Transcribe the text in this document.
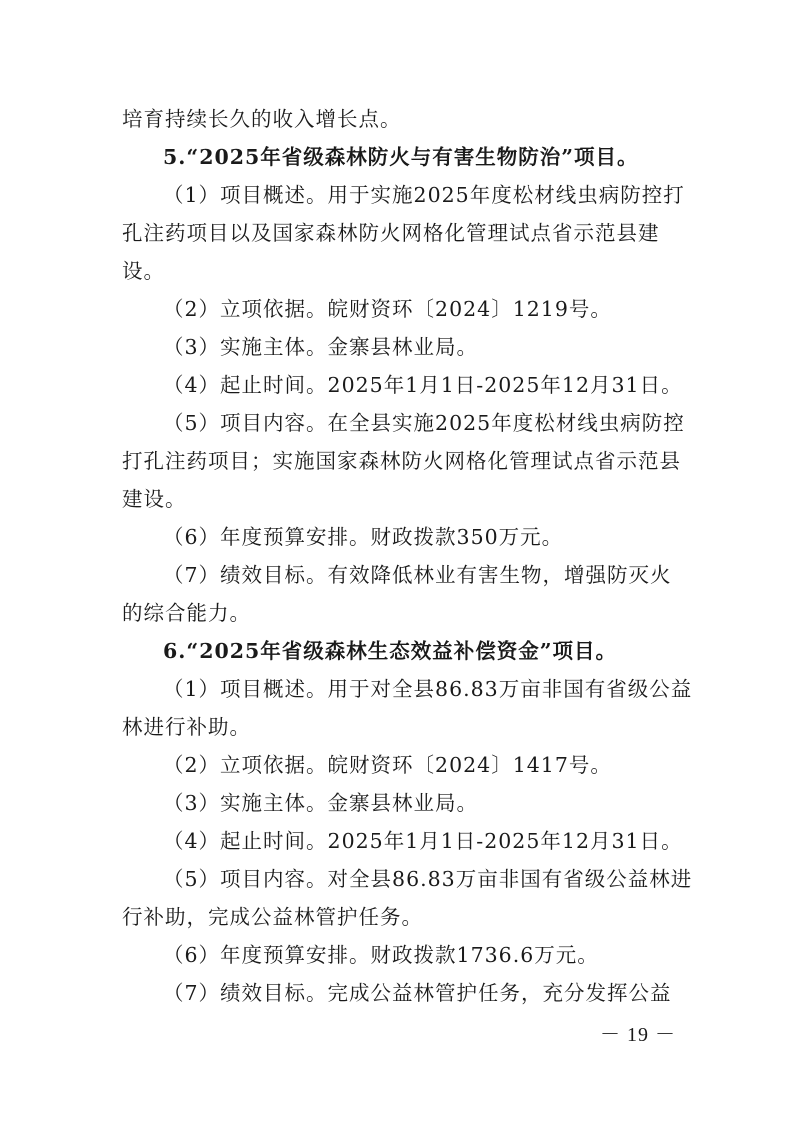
培育持续长久的收入增长点。
5.“2025年省级森林防火与有害生物防治”项目。
（1）项目概述。用于实施2025年度松材线虫病防控打
孔注药项目以及国家森林防火网格化管理试点省示范县建
设。
（2）立项依据。皖财资环〔2024〕1219号。
（3）实施主体。金寨县林业局。
（4）起止时间。2025年1月1日-2025年12月31日。
（5）项目内容。在全县实施2025年度松材线虫病防控
打孔注药项目；实施国家森林防火网格化管理试点省示范县
建设。
（6）年度预算安排。财政拨款350万元。
（7）绩效目标。有效降低林业有害生物，增强防灭火
的综合能力。
6.“2025年省级森林生态效益补偿资金”项目。
（1）项目概述。用于对全县86.83万亩非国有省级公益
林进行补助。
（2）立项依据。皖财资环〔2024〕1417号。
（3）实施主体。金寨县林业局。
（4）起止时间。2025年1月1日-2025年12月31日。
（5）项目内容。对全县86.83万亩非国有省级公益林进
行补助，完成公益林管护任务。
（6）年度预算安排。财政拨款1736.6万元。
（7）绩效目标。完成公益林管护任务，充分发挥公益
－ 19 －
